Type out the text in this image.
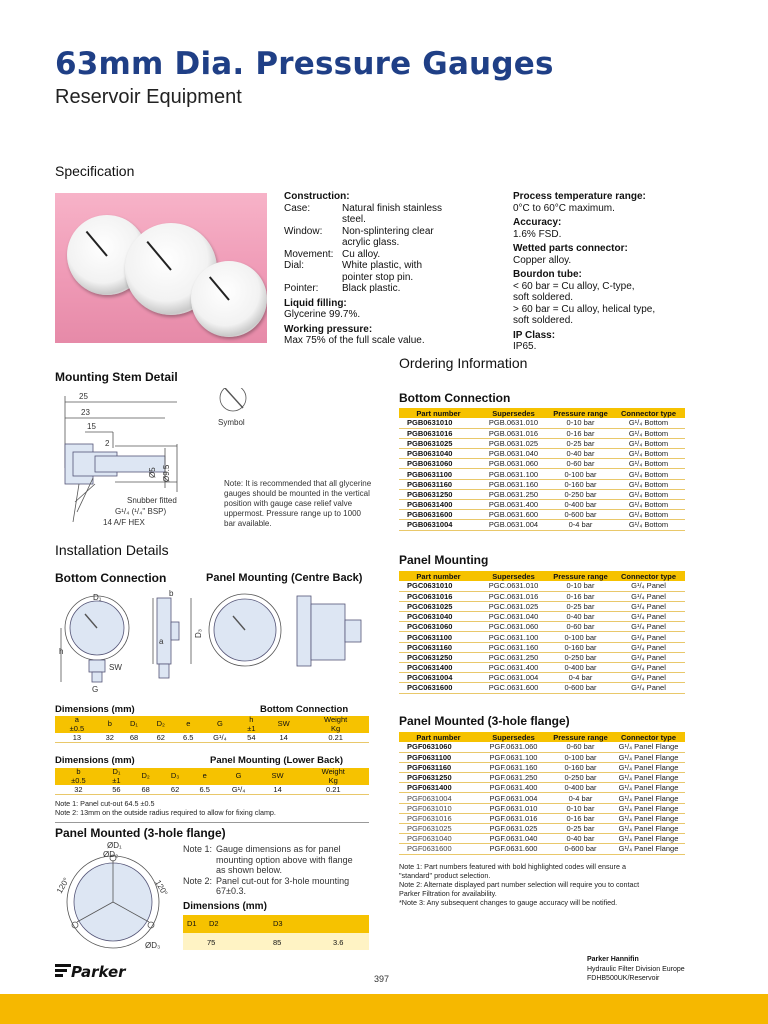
63mm Dia. Pressure Gauges
Reservoir Equipment
Specification
Construction:
Case:	Natural finish stainless
steel.
Window:	Non-splintering clear
acrylic glass.
Movement: Cu alloy.
Dial:	White plastic, with
pointer stop pin.
Pointer:	Black plastic.
Liquid filling:
Glycerine 99.7%.
Working pressure:
Max 75% of the full scale value.
Process temperature range:
0°C to 60°C maximum.
Accuracy:
1.6% FSD.
Wetted parts connector:
Copper alloy.
Bourdon tube:
< 60 bar = Cu alloy, C-type,
soft soldered.
> 60 bar = Cu alloy, helical type,
soft soldered.
IP Class:
IP65.
Mounting Stem Detail
25
23
15
2
Ø5 Ø9.5
Snubber fitted
G¹/₄ (¹/₄" BSP)
14 A/F HEX
Symbol
Note: It is recommended that all glycerine gauges should be mounted in the vertical position with gauge case relief valve uppermost. Pressure range up to 1000 bar available.
Installation Details
Bottom Connection	Panel Mounting (Centre Back)
D₁
h
SW
G
b
a
D₃
Dimensions (mm)	Bottom Connection
a
±0.5	b	D₁	D₂	e	G	h
±1	SW	Weight
Kg
13	32	68	62	6.5	G¹/₄	54	14	0.21
Dimensions (mm)	Panel Mounting (Lower Back)
b
±0.5	D₁
±1	D₂	D₃	e	G	SW	Weight
Kg
32	56	68	62	6.5	G¹/₄	14	0.21
Note 1: Panel cut-out 64.5 ±0.5
Note 2: 13mm on the outside radius required to allow for fixing clamp.
Panel Mounted (3-hole flange)
ØD₁
ØD₂
ØD₃
120°	120°
Note 1: Gauge dimensions as for panel mounting option above with flange as shown below.
Note 2: Panel cut-out for 3-hole mounting 67±0.3.
Dimensions (mm)
D1 D2	D3
75	85	3.6
Ordering Information
Bottom Connection
Part number	Supersedes	Pressure range	Connector type
PGB0631010	PGB.0631.010	0-10 bar	G¹/₄ Bottom
PGB0631016	PGB.0631.016	0-16 bar	G¹/₄ Bottom
PGB0631025	PGB.0631.025	0-25 bar	G¹/₄ Bottom
PGB0631040	PGB.0631.040	0-40 bar	G¹/₄ Bottom
PGB0631060	PGB.0631.060	0-60 bar	G¹/₄ Bottom
PGB0631100	PGB.0631.100	0-100 bar	G¹/₄ Bottom
PGB0631160	PGB.0631.160	0-160 bar	G¹/₄ Bottom
PGB0631250	PGB.0631.250	0-250 bar	G¹/₄ Bottom
PGB0631400	PGB.0631.400	0-400 bar	G¹/₄ Bottom
PGB0631600	PGB.0631.600	0-600 bar	G¹/₄ Bottom
PGB0631004	PGB.0631.004	0-4 bar	G¹/₄ Bottom
Panel Mounting
Part number	Supersedes	Pressure range	Connector type
PGC0631010	PGC.0631.010	0-10 bar	G¹/₄ Panel
PGC0631016	PGC.0631.016	0-16 bar	G¹/₄ Panel
PGC0631025	PGC.0631.025	0-25 bar	G¹/₄ Panel
PGC0631040	PGC.0631.040	0-40 bar	G¹/₄ Panel
PGC0631060	PGC.0631.060	0-60 bar	G¹/₄ Panel
PGC0631100	PGC.0631.100	0-100 bar	G¹/₄ Panel
PGC0631160	PGC.0631.160	0-160 bar	G¹/₄ Panel
PGC0631250	PGC.0631.250	0-250 bar	G¹/₄ Panel
PGC0631400	PGC.0631.400	0-400 bar	G¹/₄ Panel
PGC0631004	PGC.0631.004	0-4 bar	G¹/₄ Panel
PGC0631600	PGC.0631.600	0-600 bar	G¹/₄ Panel
Panel Mounted (3-hole flange)
Part number	Supersedes	Pressure range	Connector type
PGF0631060	PGF.0631.060	0-60 bar	G¹/₄ Panel Flange
PGF0631100	PGF.0631.100	0-100 bar	G¹/₄ Panel Flange
PGF0631160	PGF.0631.160	0-160 bar	G¹/₄ Panel Flange
PGF0631250	PGF.0631.250	0-250 bar	G¹/₄ Panel Flange
PGF0631400	PGF.0631.400	0-400 bar	G¹/₄ Panel Flange
PGF0631004	PGF.0631.004	0-4 bar	G¹/₄ Panel Flange
PGF0631010	PGF.0631.010	0-10 bar	G¹/₄ Panel Flange
PGF0631016	PGF.0631.016	0-16 bar	G¹/₄ Panel Flange
PGF0631025	PGF.0631.025	0-25 bar	G¹/₄ Panel Flange
PGF0631040	PGF.0631.040	0-40 bar	G¹/₄ Panel Flange
PGF0631600	PGF.0631.600	0-600 bar	G¹/₄ Panel Flange
Note 1: Part numbers featured with bold highlighted codes will ensure a "standard" product selection.
Note 2: Alternate displayed part number selection will require you to contact Parker Filtration for availability.
*Note 3: Any subsequent changes to gauge accuracy will be notified.
Parker	397
Parker Hannifin
Hydraulic Filter Division Europe
FDHB500UK/Reservoir
